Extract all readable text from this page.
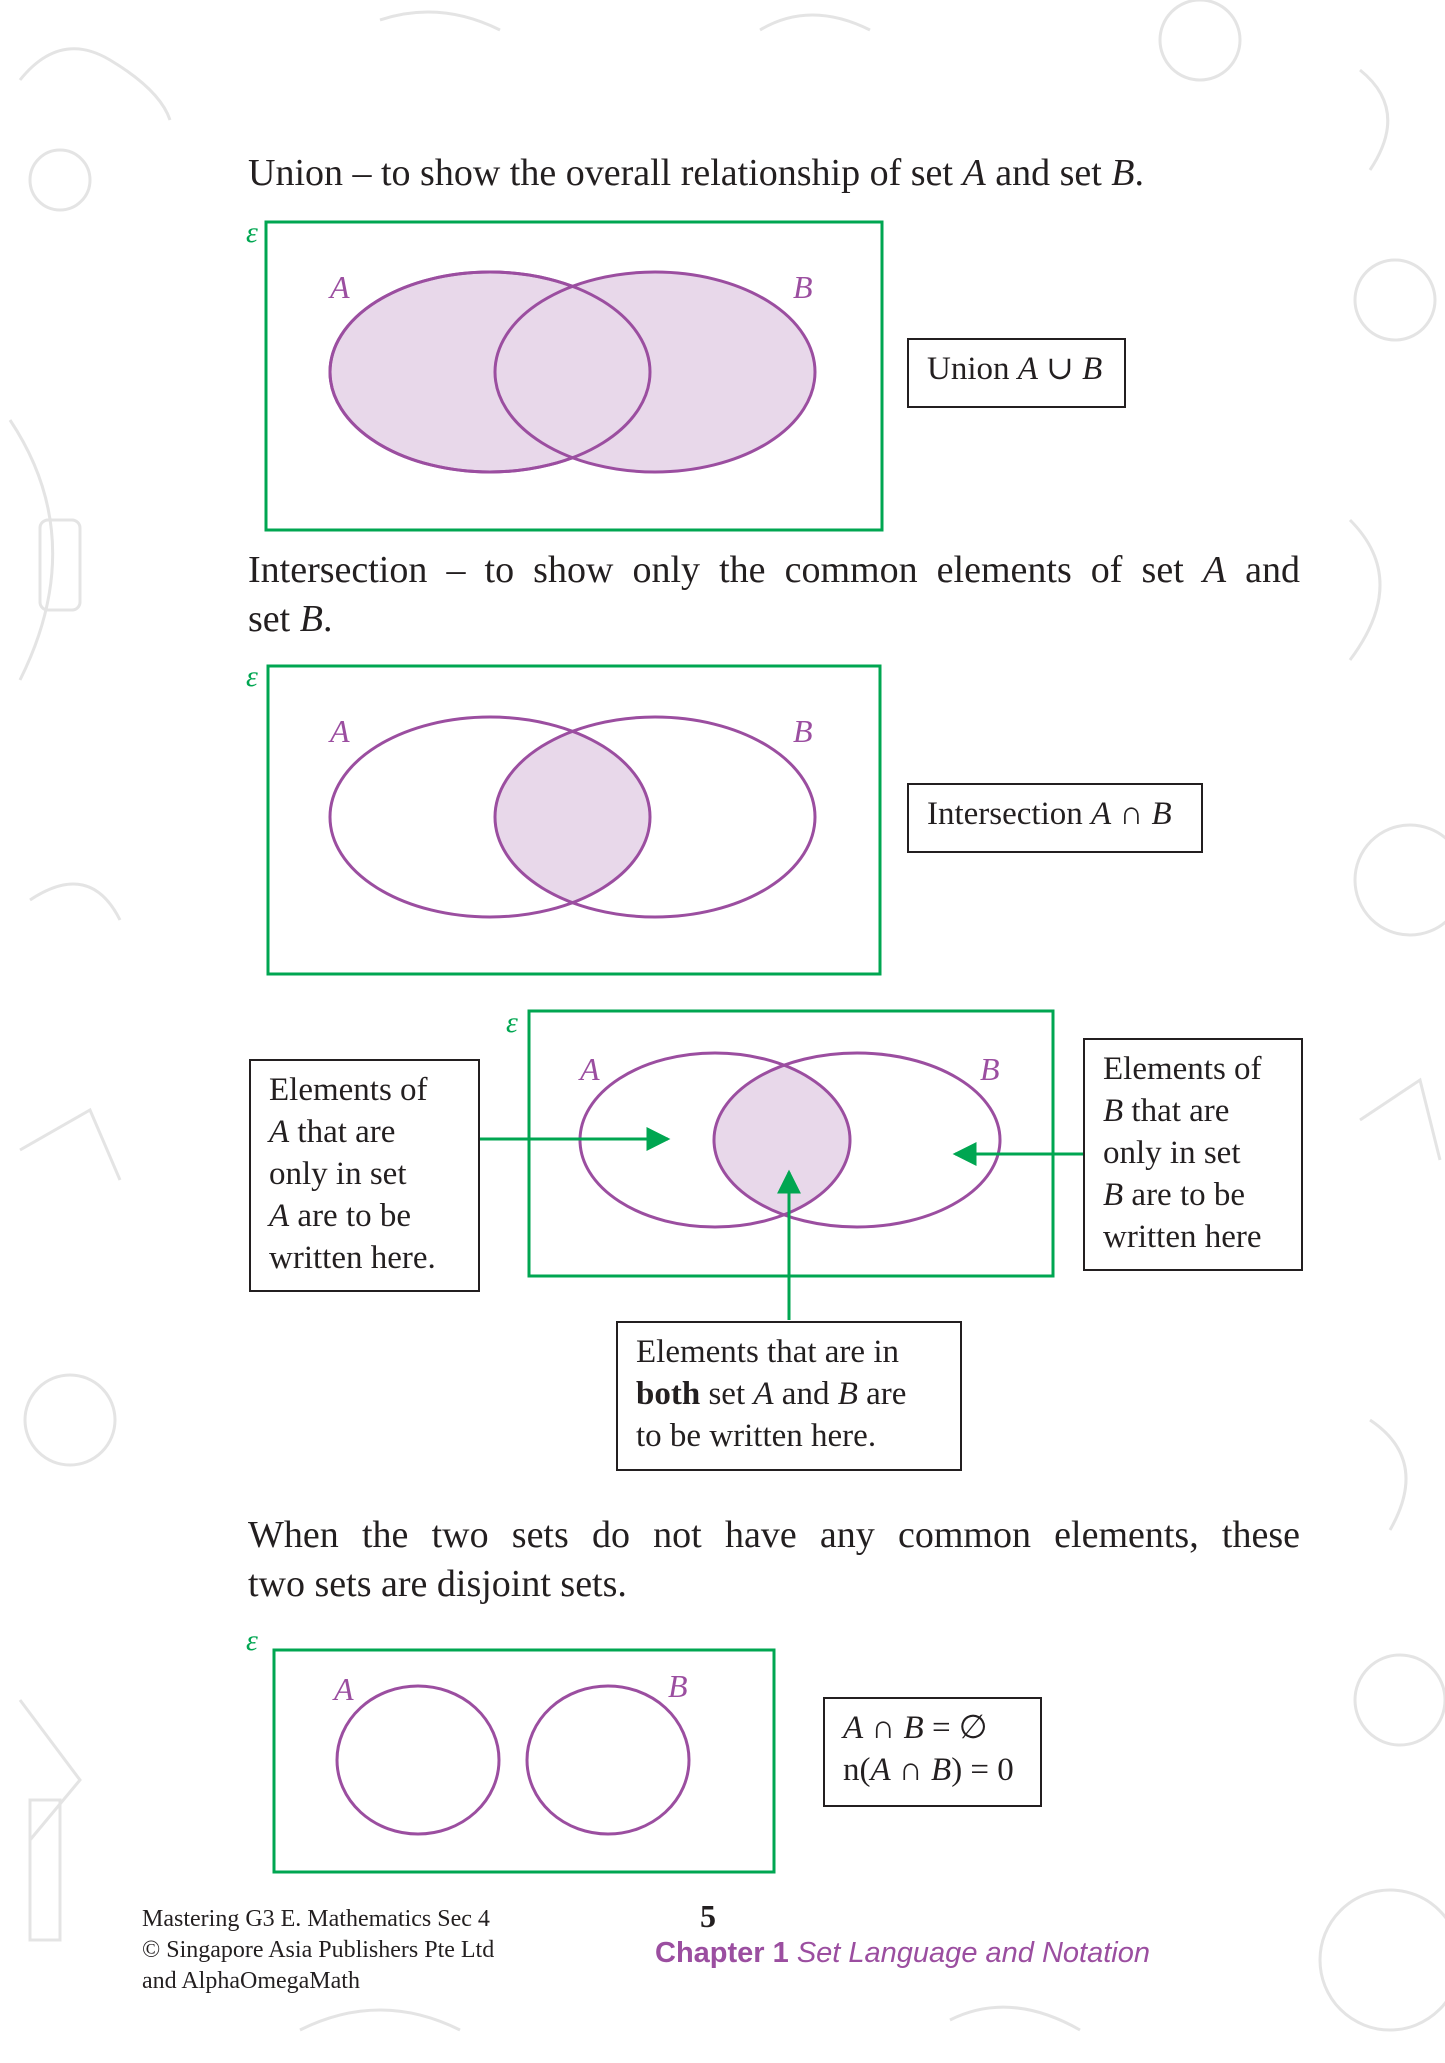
Union – to show the overall relationship of set A and set B.

Intersection – to show only the common elements of set A and

set B.

When the two sets do not have any common elements, these

two sets are disjoint sets.

ε
A	B
ε
A	B
ε
A	B
ε
A	B
Union A ∪ B
Intersection A ∩ B
Elements of
A that are
only in set
A are to be
written here.
Elements of
B that are
only in set
B are to be
written here
Elements that are in
both set A and B are
to be written here.
A ∩ B = ∅
n(A ∩ B) = 0
Mastering G3 E. Mathematics Sec 4
© Singapore Asia Publishers Pte Ltd
and AlphaOmegaMath
5
Chapter 1 Set Language and Notation
